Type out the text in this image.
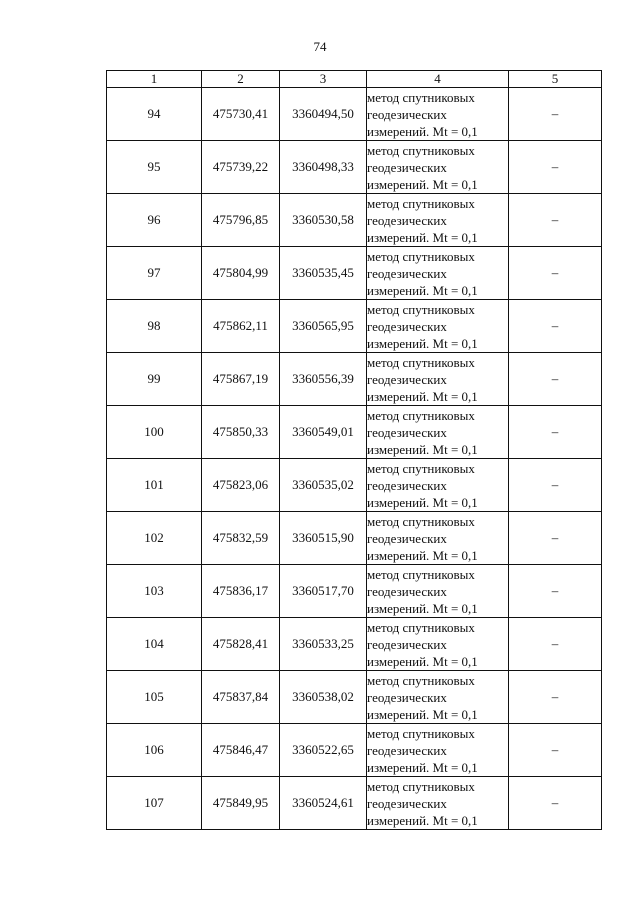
74
1	2	3	4	5
94	475730,41	3360494,50	метод спутниковых
геодезических
измерений. Mt = 0,1	–
95	475739,22	3360498,33	метод спутниковых
геодезических
измерений. Mt = 0,1	–
96	475796,85	3360530,58	метод спутниковых
геодезических
измерений. Mt = 0,1	–
97	475804,99	3360535,45	метод спутниковых
геодезических
измерений. Mt = 0,1	–
98	475862,11	3360565,95	метод спутниковых
геодезических
измерений. Mt = 0,1	–
99	475867,19	3360556,39	метод спутниковых
геодезических
измерений. Mt = 0,1	–
100	475850,33	3360549,01	метод спутниковых
геодезических
измерений. Mt = 0,1	–
101	475823,06	3360535,02	метод спутниковых
геодезических
измерений. Mt = 0,1	–
102	475832,59	3360515,90	метод спутниковых
геодезических
измерений. Mt = 0,1	–
103	475836,17	3360517,70	метод спутниковых
геодезических
измерений. Mt = 0,1	–
104	475828,41	3360533,25	метод спутниковых
геодезических
измерений. Mt = 0,1	–
105	475837,84	3360538,02	метод спутниковых
геодезических
измерений. Mt = 0,1	–
106	475846,47	3360522,65	метод спутниковых
геодезических
измерений. Mt = 0,1	–
107	475849,95	3360524,61	метод спутниковых
геодезических
измерений. Mt = 0,1	–
